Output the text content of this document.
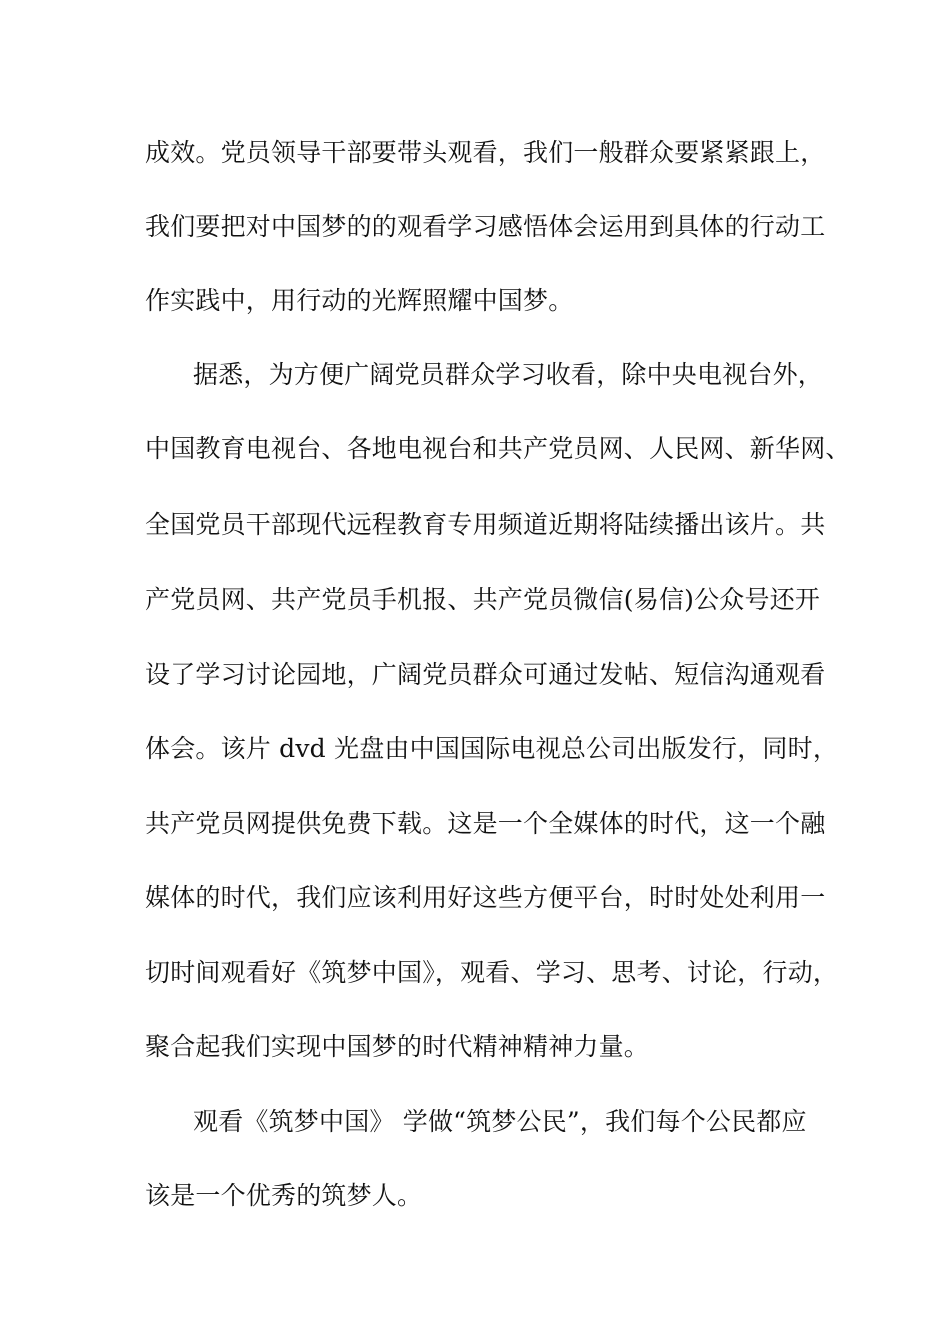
成效。党员领导干部要带头观看，我们一般群众要紧紧跟上，
我们要把对中国梦的的观看学习感悟体会运用到具体的行动工
作实践中，用行动的光辉照耀中国梦。
据悉，为方便广阔党员群众学习收看，除中央电视台外，
中国教育电视台、各地电视台和共产党员网、人民网、新华网、
全国党员干部现代远程教育专用频道近期将陆续播出该片。共
产党员网、共产党员手机报、共产党员微信(易信)公众号还开
设了学习讨论园地，广阔党员群众可通过发帖、短信沟通观看
体会。该片 dvd 光盘由中国国际电视总公司出版发行，同时，
共产党员网提供免费下载。这是一个全媒体的时代，这一个融
媒体的时代，我们应该利用好这些方便平台，时时处处利用一
切时间观看好《筑梦中国》，观看、学习、思考、讨论，行动，
聚合起我们实现中国梦的时代精神精神力量。
观看《筑梦中国》 学做“筑梦公民”，我们每个公民都应
该是一个优秀的筑梦人。
